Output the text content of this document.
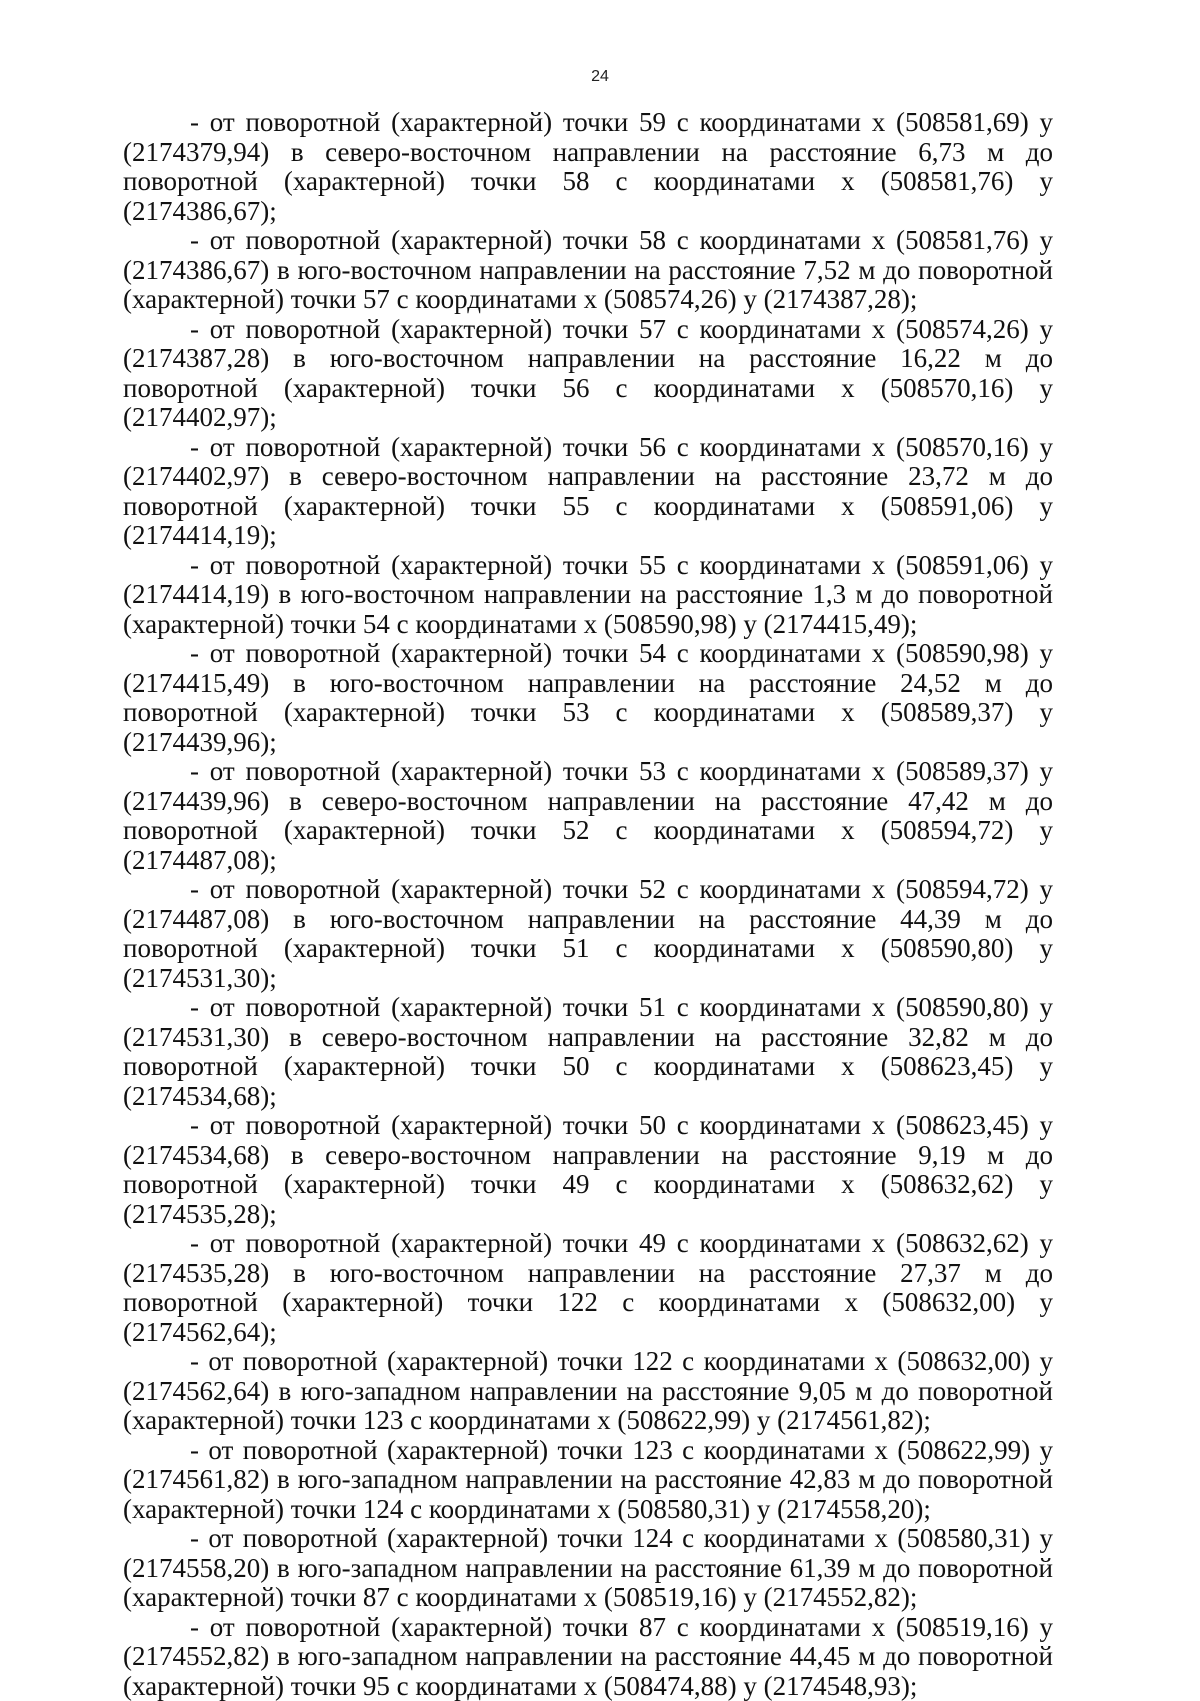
24

- от поворотной (характерной) точки 59 с координатами х (508581,69) у (2174379,94) в северо-восточном направлении на расстояние 6,73 м до поворотной (характерной) точки 58 с координатами х (508581,76) у (2174386,67);

- от поворотной (характерной) точки 58 с координатами х (508581,76) у (2174386,67) в юго-восточном направлении на расстояние 7,52 м до поворотной (характерной) точки 57 с координатами х (508574,26) у (2174387,28);

- от поворотной (характерной) точки 57 с координатами х (508574,26) у (2174387,28) в юго-восточном направлении на расстояние 16,22 м до поворотной (характерной) точки 56 с координатами х (508570,16) у (2174402,97);

- от поворотной (характерной) точки 56 с координатами х (508570,16) у (2174402,97) в северо-восточном направлении на расстояние 23,72 м до поворотной (характерной) точки 55 с координатами х (508591,06) у (2174414,19);

- от поворотной (характерной) точки 55 с координатами х (508591,06) у (2174414,19) в юго-восточном направлении на расстояние 1,3 м до поворотной (характерной) точки 54 с координатами х (508590,98) у (2174415,49);

- от поворотной (характерной) точки 54 с координатами х (508590,98) у (2174415,49) в юго-восточном направлении на расстояние 24,52 м до поворотной (характерной) точки 53 с координатами х (508589,37) у (2174439,96);

- от поворотной (характерной) точки 53 с координатами х (508589,37) у (2174439,96) в северо-восточном направлении на расстояние 47,42 м до поворотной (характерной) точки 52 с координатами х (508594,72) у (2174487,08);

- от поворотной (характерной) точки 52 с координатами х (508594,72) у (2174487,08) в юго-восточном направлении на расстояние 44,39 м до поворотной (характерной) точки 51 с координатами х (508590,80) у (2174531,30);

- от поворотной (характерной) точки 51 с координатами х (508590,80) у (2174531,30) в северо-восточном направлении на расстояние 32,82 м до поворотной (характерной) точки 50 с координатами х (508623,45) у (2174534,68);

- от поворотной (характерной) точки 50 с координатами х (508623,45) у (2174534,68) в северо-восточном направлении на расстояние 9,19 м до поворотной (характерной) точки 49 с координатами х (508632,62) у (2174535,28);

- от поворотной (характерной) точки 49 с координатами х (508632,62) у (2174535,28) в юго-восточном направлении на расстояние 27,37 м до поворотной (характерной) точки 122 с координатами х (508632,00) у (2174562,64);

- от поворотной (характерной) точки 122 с координатами х (508632,00) у (2174562,64) в юго-западном направлении на расстояние 9,05 м до поворотной (характерной) точки 123 с координатами х (508622,99) у (2174561,82);

- от поворотной (характерной) точки 123 с координатами х (508622,99) у (2174561,82) в юго-западном направлении на расстояние 42,83 м до поворотной (характерной) точки 124 с координатами х (508580,31) у (2174558,20);

- от поворотной (характерной) точки 124 с координатами х (508580,31) у (2174558,20) в юго-западном направлении на расстояние 61,39 м до поворотной (характерной) точки 87 с координатами х (508519,16) у (2174552,82);

- от поворотной (характерной) точки 87 с координатами х (508519,16) у (2174552,82) в юго-западном направлении на расстояние 44,45 м до поворотной (характерной) точки 95 с координатами х (508474,88) у (2174548,93);
